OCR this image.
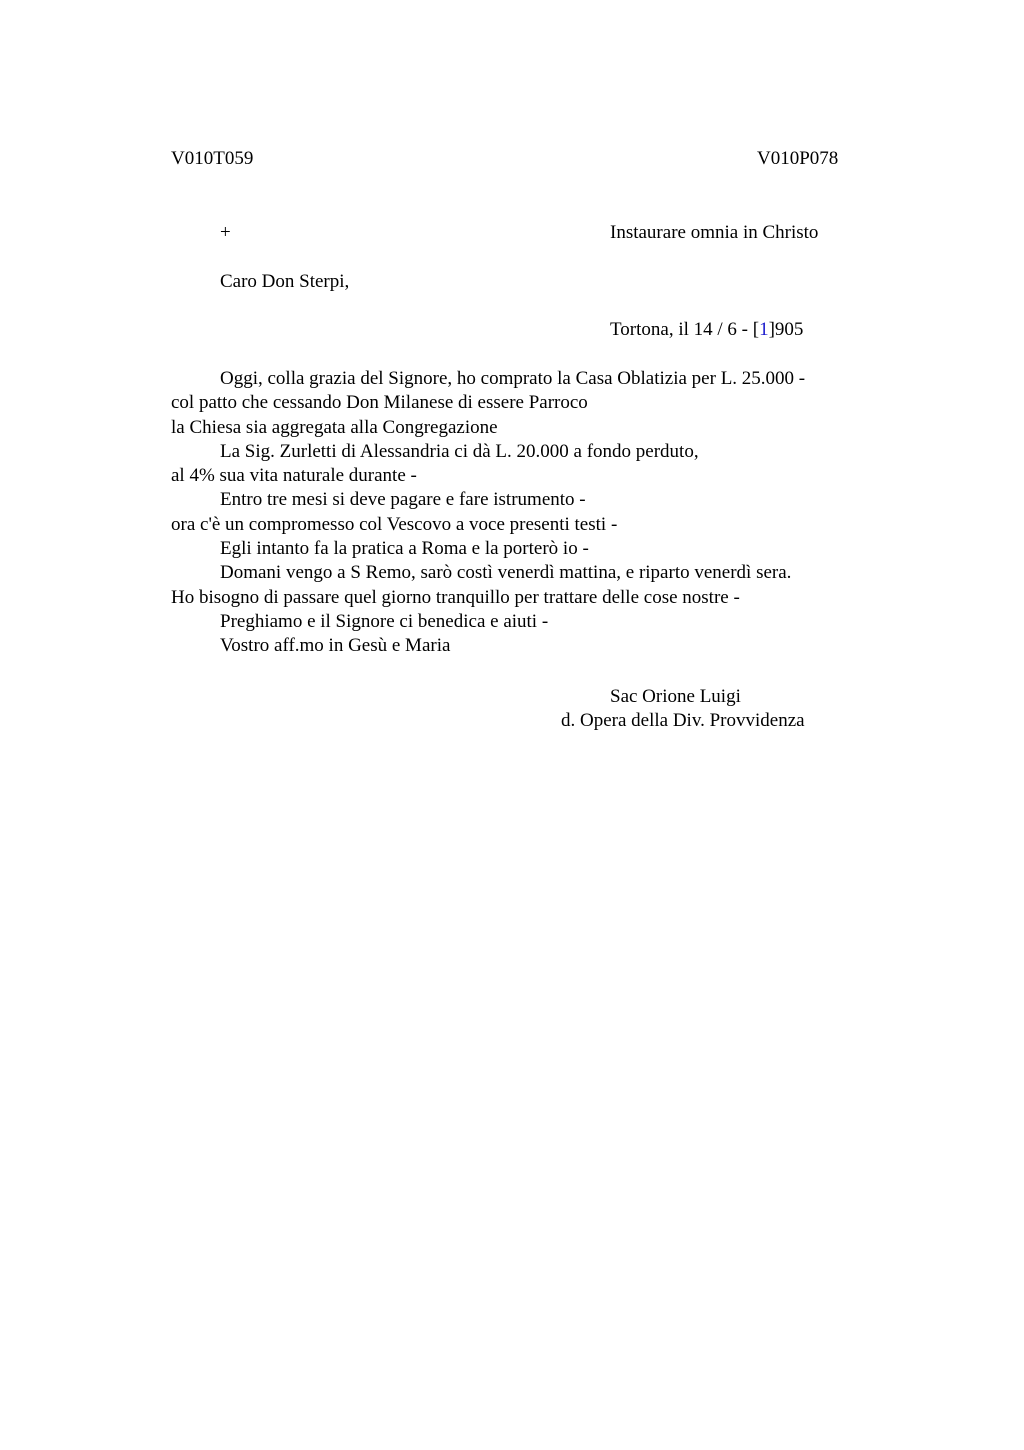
V010T059	V010P078
+	Instaurare omnia in Christo
Caro Don Sterpi,
Tortona, il 14 / 6 - [1]905
Oggi, colla grazia del Signore, ho comprato la Casa Oblatizia per L. 25.000 -
col patto che cessando Don Milanese di essere Parroco
la Chiesa sia aggregata alla Congregazione
La Sig. Zurletti di Alessandria ci dà L. 20.000 a fondo perduto,
al 4% sua vita naturale durante -
Entro tre mesi si deve pagare e fare istrumento -
ora c'è un compromesso col Vescovo a voce presenti testi -
Egli intanto fa la pratica a Roma e la porterò io -
Domani vengo a S Remo, sarò costì venerdì mattina, e riparto venerdì sera.
Ho bisogno di passare quel giorno tranquillo per trattare delle cose nostre -
Preghiamo e il Signore ci benedica e aiuti -
Vostro aff.mo in Gesù e Maria
Sac Orione Luigi
d. Opera della Div. Provvidenza
